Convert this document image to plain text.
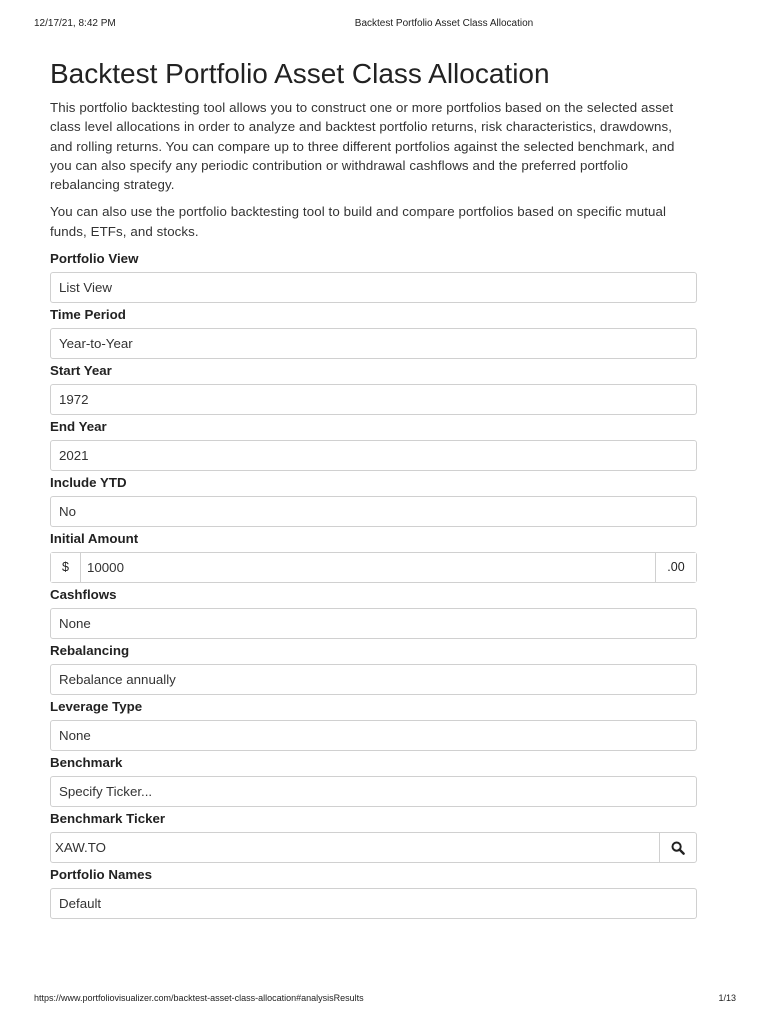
12/17/21, 8:42 PM	Backtest Portfolio Asset Class Allocation
Backtest Portfolio Asset Class Allocation

This portfolio backtesting tool allows you to construct one or more portfolios based on the selected asset class level allocations in order to analyze and backtest portfolio returns, risk characteristics, drawdowns, and rolling returns. You can compare up to three different portfolios against the selected benchmark, and you can also specify any periodic contribution or withdrawal cashflows and the preferred portfolio rebalancing strategy.

You can also use the portfolio backtesting tool to build and compare portfolios based on specific mutual funds, ETFs, and stocks.

Portfolio View
List View
Time Period
Year-to-Year
Start Year
1972
End Year
2021
Include YTD
No
Initial Amount
$	10000	.00
Cashflows
None
Rebalancing
Rebalance annually
Leverage Type
None
Benchmark
Specify Ticker...
Benchmark Ticker
XAW.TO
Portfolio Names
Default
https://www.portfoliovisualizer.com/backtest-asset-class-allocation#analysisResults	1/13
